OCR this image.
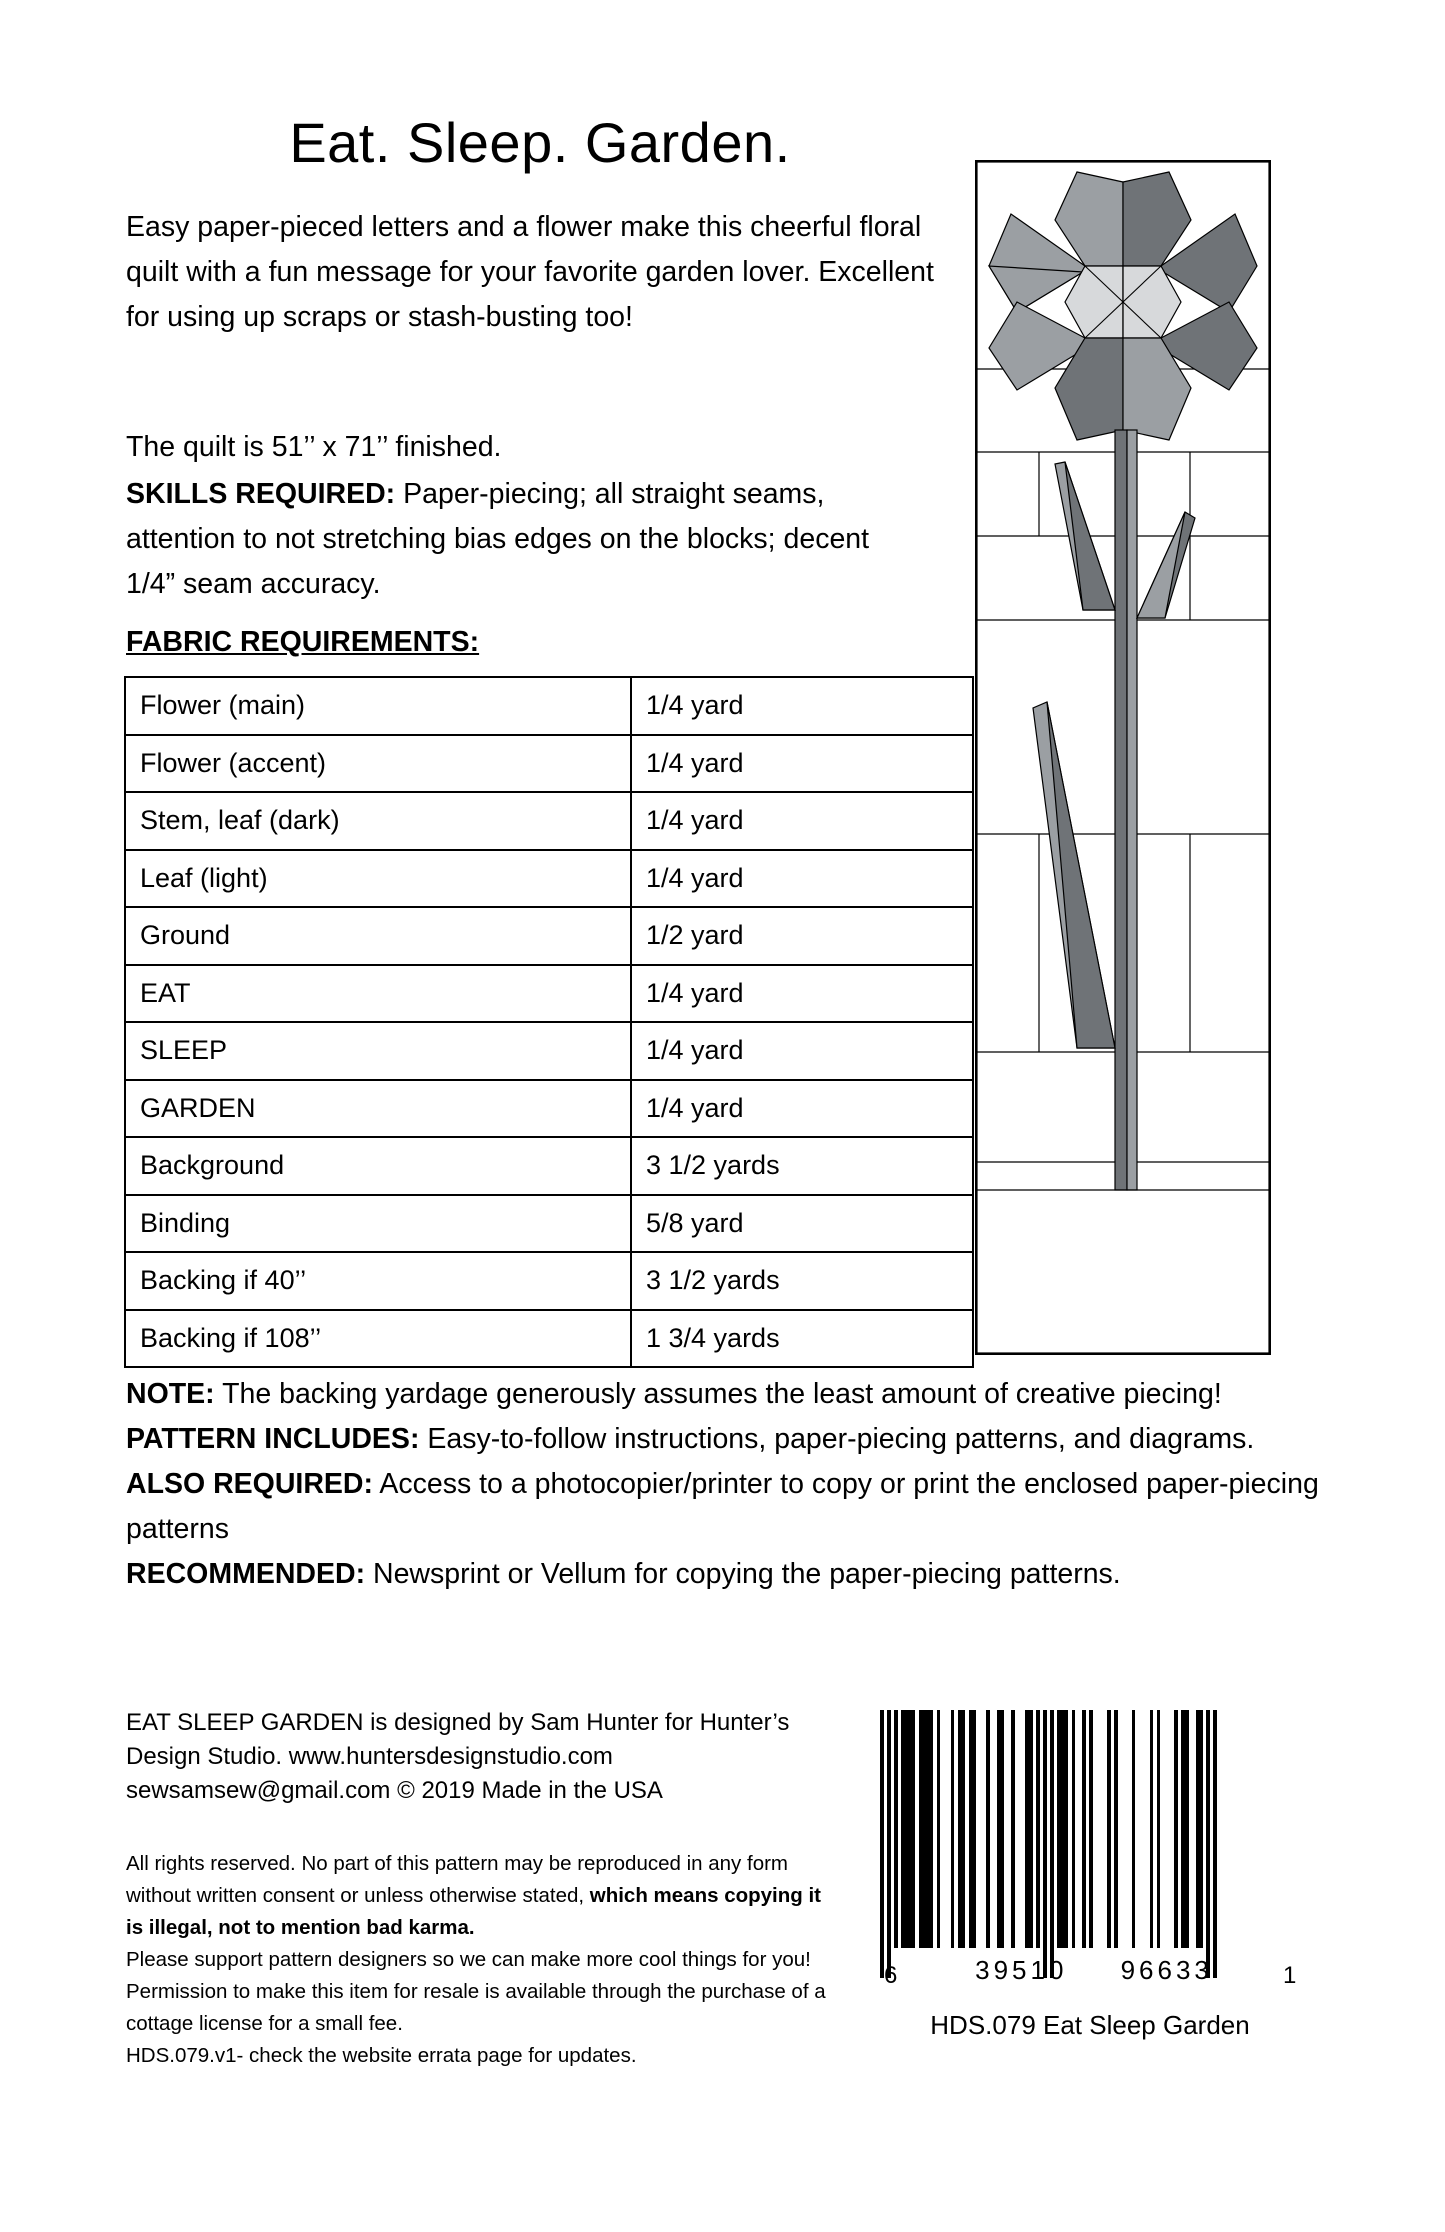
Eat. Sleep. Garden.
Easy paper-pieced letters and a flower make this cheerful floral quilt with a fun message for your favorite garden lover. Excellent for using up scraps or stash-busting too!
The quilt is 51’’ x 71’’ finished.
SKILLS REQUIRED: Paper-piecing; all straight seams, attention to not stretching bias edges on the blocks; decent 1/4” seam accuracy.
FABRIC REQUIREMENTS:
Flower (main)	1/4 yard
Flower (accent)	1/4 yard
Stem, leaf (dark)	1/4 yard
Leaf (light)	1/4 yard
Ground	1/2 yard
EAT	1/4 yard
SLEEP	1/4 yard
GARDEN	1/4 yard
Background	3 1/2 yards
Binding	5/8 yard
Backing if 40’’	3 1/2 yards
Backing if 108’’	1 3/4 yards
NOTE: The backing yardage generously assumes the least amount of creative piecing!
PATTERN INCLUDES: Easy-to-follow instructions, paper-piecing patterns, and diagrams.
ALSO REQUIRED: Access to a photocopier/printer to copy or print the enclosed paper-piecing patterns
RECOMMENDED: Newsprint or Vellum for copying the paper-piecing patterns.
EAT SLEEP GARDEN is designed by Sam Hunter for Hunter’s Design Studio. www.huntersdesignstudio.com sewsamsew@gmail.com © 2019 Made in the USA
All rights reserved. No part of this pattern may be reproduced in any form without written consent or unless otherwise stated, which means copying it is illegal, not to mention bad karma.
Please support pattern designers so we can make more cool things for you!
Permission to make this item for resale is available through the purchase of a cottage license for a small fee.
HDS.079.v1- check the website errata page for updates.
6	1
39510 96633
HDS.079 Eat Sleep Garden
